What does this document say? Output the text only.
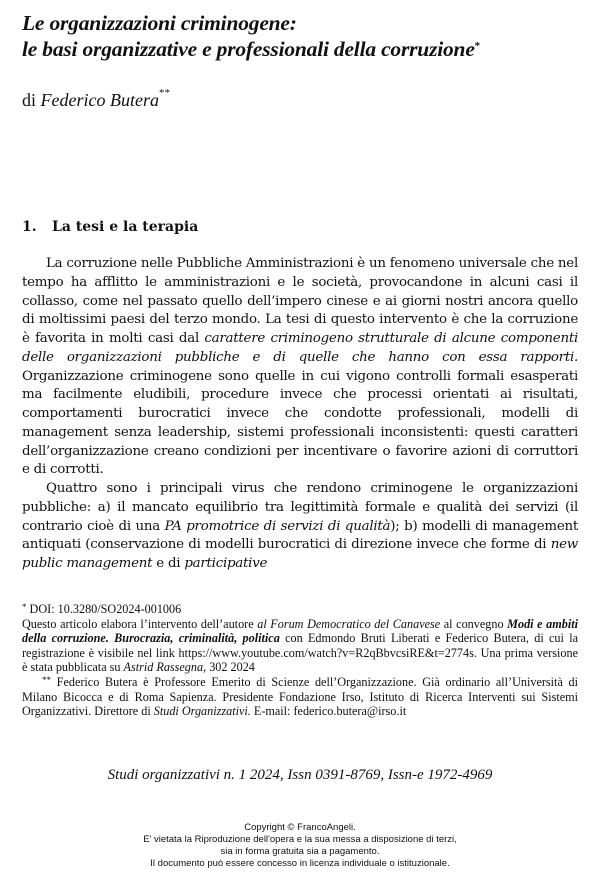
Le organizzazioni criminogene:
le basi organizzative e professionali della corruzione*

di Federico Butera**

1. La tesi e la terapia

La corruzione nelle Pubbliche Amministrazioni è un fenomeno universale che nel tempo ha afflitto le amministrazioni e le società, provocandone in alcuni casi il collasso, come nel passato quello dell’impero cinese e ai giorni nostri ancora quello di moltissimi paesi del terzo mondo. La tesi di questo intervento è che la corruzione è favorita in molti casi dal carattere criminogeno strutturale di alcune componenti delle organizzazioni pubbliche e di quelle che hanno con essa rapporti. Organizzazione criminogene sono quelle in cui vigono controlli formali esasperati ma facilmente eludibili, procedure invece che processi orientati ai risultati, comportamenti burocratici invece che condotte professionali, modelli di management senza leadership, sistemi professionali inconsistenti: questi caratteri dell’organizzazione creano condizioni per incentivare o favorire azioni di corruttori e di corrotti.

Quattro sono i principali virus che rendono criminogene le organizzazioni pubbliche: a) il mancato equilibrio tra legittimità formale e qualità dei servizi (il contrario cioè di una PA promotrice di servizi di qualità); b) modelli di management antiquati (conservazione di modelli burocratici di direzione invece che forme di new public management e di participative

* DOI: 10.3280/SO2024-001006

Questo articolo elabora l’intervento dell’autore al Forum Democratico del Canavese al convegno Modi e ambiti della corruzione. Burocrazia, criminalità, politica con Edmondo Bruti Liberati e Federico Butera, di cui la registrazione è visibile nel link https://www.youtube.com/watch?v=R2qBbvcsiRE&t=2774s. Una prima versione è stata pubblicata su Astrid Rassegna, 302 2024

** Federico Butera è Professore Emerito di Scienze dell’Organizzazione. Già ordinario all’Università di Milano Bicocca e di Roma Sapienza. Presidente Fondazione Irso, Istituto di Ricerca Interventi sui Sistemi Organizzativi. Direttore di Studi Organizzativi. E-mail: federico.butera@irso.it

Studi organizzativi n. 1 2024, Issn 0391-8769, Issn-e 1972-4969
Copyright © FrancoAngeli.
E' vietata la Riproduzione dell'opera e la sua messa a disposizione di terzi,
sia in forma gratuita sia a pagamento.
Il documento può essere concesso in licenza individuale o istituzionale.
